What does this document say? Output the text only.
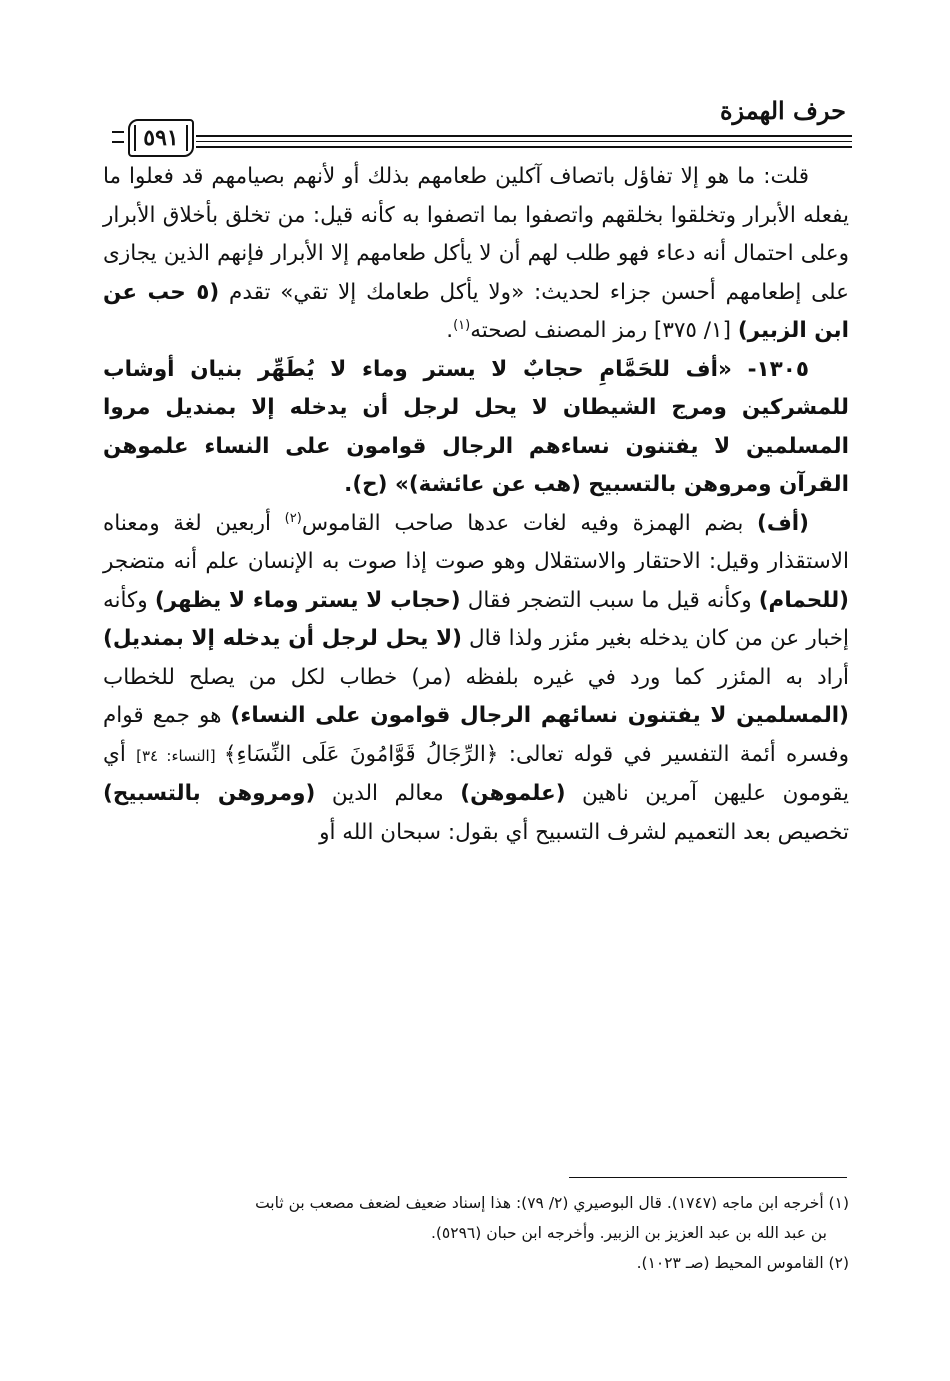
حرف الهمزة
٥٩١

قلت: ما هو إلا تفاؤل باتصاف آكلين طعامهم بذلك أو لأنهم بصيامهم قد فعلوا ما يفعله الأبرار وتخلقوا بخلقهم واتصفوا بما اتصفوا به كأنه قيل: من تخلق بأخلاق الأبرار وعلى احتمال أنه دعاء فهو طلب لهم أن لا يأكل طعامهم إلا الأبرار فإنهم الذين يجازى على إطعامهم أحسن جزاء لحديث: «ولا يأكل طعامك إلا تقي» تقدم (٥ حب عن ابن الزبير) [١/ ٣٧٥] رمز المصنف لصحته$^{(١)}$.

١٣٠٥- «أف للحَمَّامِ حجابٌ لا يستر وماء لا يُطَهِّر بنيان أوشاب للمشركين ومرج الشيطان لا يحل لرجل أن يدخله إلا بمنديل مروا المسلمين لا يفتنون نساءهم الرجال قوامون على النساء علموهن القرآن ومروهن بالتسبيح (هب عن عائشة)» (ح).

(أف) بضم الهمزة وفيه لغات عدها صاحب القاموس$^{(٢)}$ أربعين لغة ومعناه الاستقذار وقيل: الاحتقار والاستقلال وهو صوت إذا صوت به الإنسان علم أنه متضجر (للحمام) وكأنه قيل ما سبب التضجر فقال (حجاب لا يستر وماء لا يظهر) وكأنه إخبار عن من كان يدخله بغير مئزر ولذا قال (لا يحل لرجل أن يدخله إلا بمنديل) أراد به المئزر كما ورد في غيره بلفظه (مر) خطاب لكل من يصلح للخطاب (المسلمين لا يفتنون نسائهم الرجال قوامون على النساء) هو جمع قوام وفسره أئمة التفسير في قوله تعالى: ﴿الرِّجَالُ قَوَّامُونَ عَلَى النِّسَاءِ﴾ [النساء: ٣٤] أي يقومون عليهن آمرين ناهين (علموهن) معالم الدين (ومروهن بالتسبيح) تخصيص بعد التعميم لشرف التسبيح أي بقول: سبحان الله أو

(١) أخرجه ابن ماجه (١٧٤٧). قال البوصيري (٢/ ٧٩): هذا إسناد ضعيف لضعف مصعب بن ثابت

بن عبد الله بن عبد العزيز بن الزبير. وأخرجه ابن حبان (٥٢٩٦).

(٢) القاموس المحيط (صـ ١٠٢٣).
